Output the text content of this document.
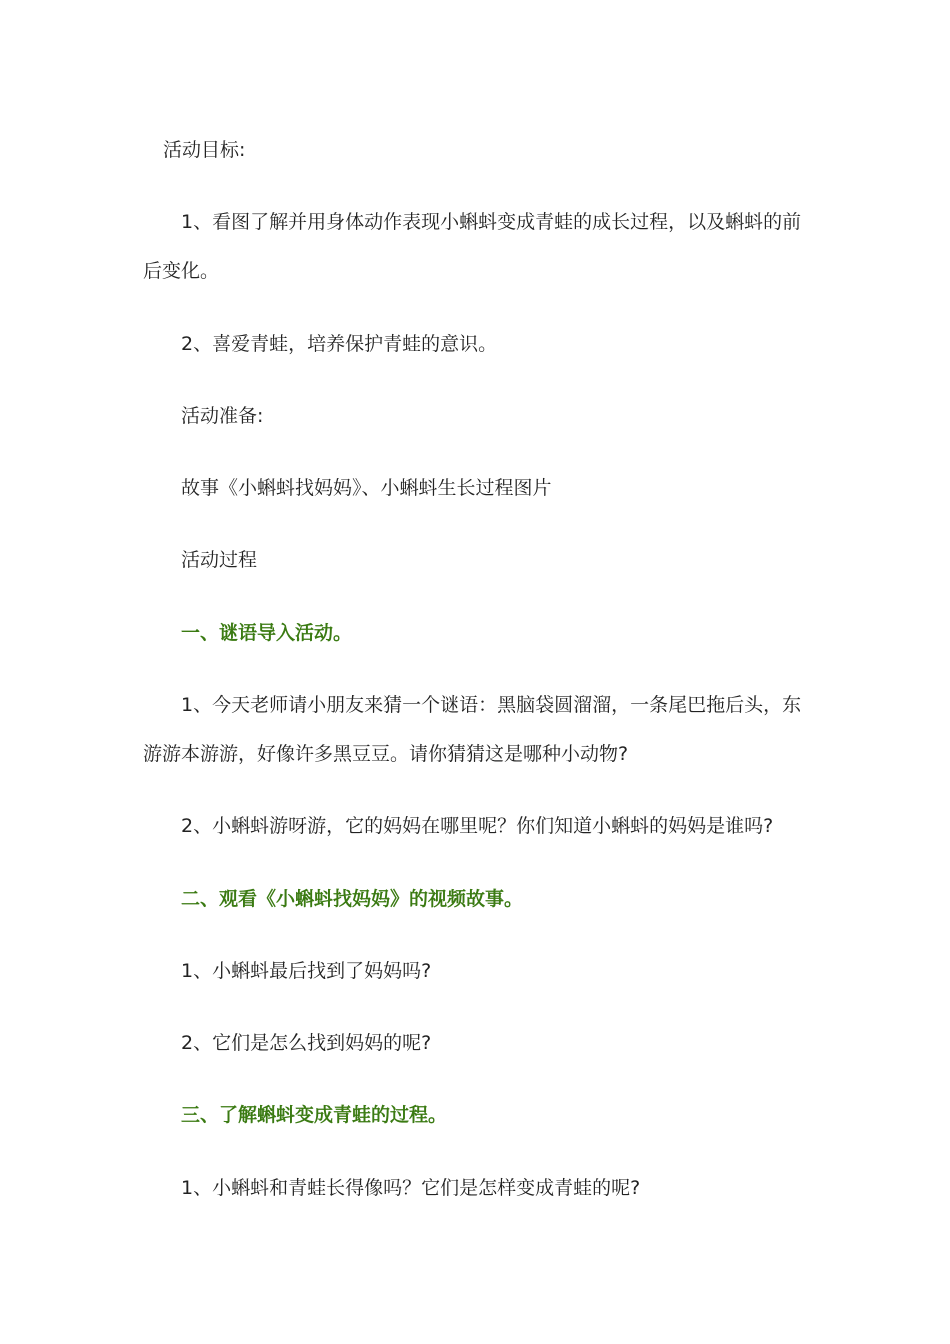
活动目标:
1、看图了解并用身体动作表现小蝌蚪变成青蛙的成长过程，以及蝌蚪的前
后变化。
2、喜爱青蛙，培养保护青蛙的意识。
活动准备:
故事《小蝌蚪找妈妈》、小蝌蚪生长过程图片
活动过程
一、谜语导入活动。
1、今天老师请小朋友来猜一个谜语：黑脑袋圆溜溜，一条尾巴拖后头，东
游游本游游，好像许多黑豆豆。请你猜猜这是哪种小动物?
2、小蝌蚪游呀游，它的妈妈在哪里呢？你们知道小蝌蚪的妈妈是谁吗?
二、观看《小蝌蚪找妈妈》的视频故事。
1、小蝌蚪最后找到了妈妈吗?
2、它们是怎么找到妈妈的呢?
三、了解蝌蚪变成青蛙的过程。
1、小蝌蚪和青蛙长得像吗？它们是怎样变成青蛙的呢?
